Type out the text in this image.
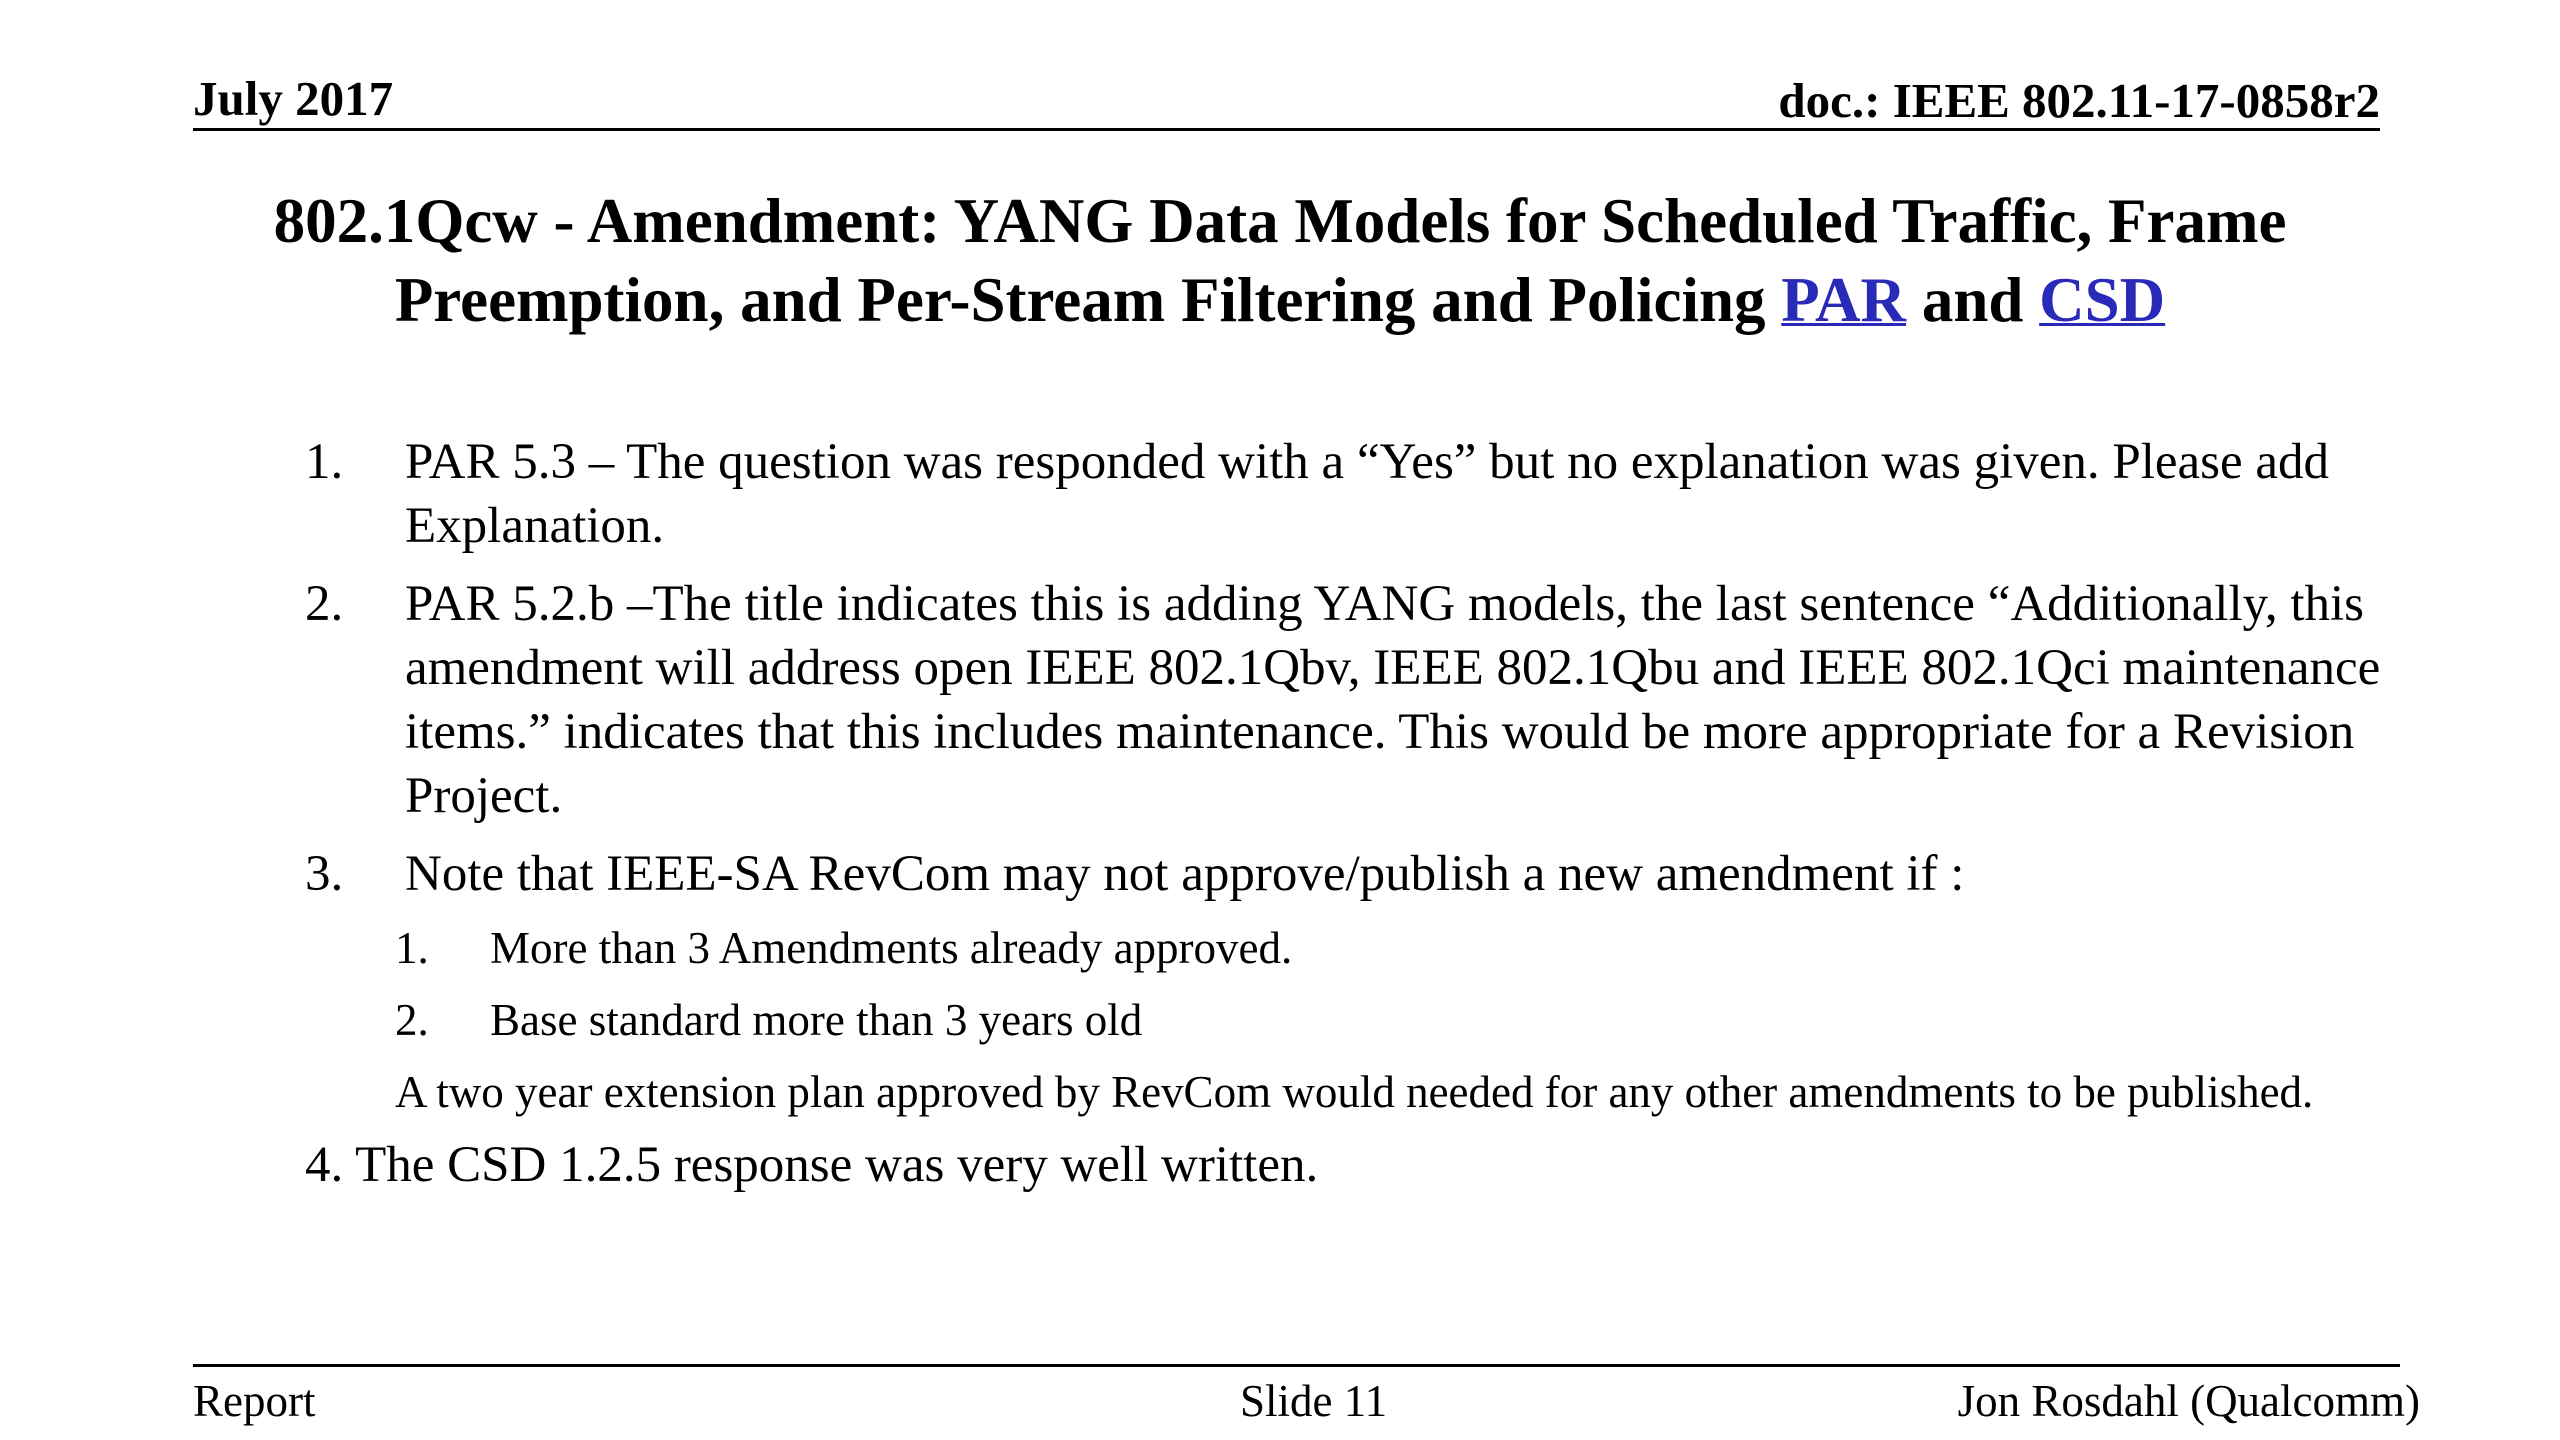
July 2017	doc.: IEEE 802.11-17-0858r2
802.1Qcw - Amendment: YANG Data Models for Scheduled Traffic, Frame Preemption, and Per-Stream Filtering and Policing PAR and CSD
1. PAR 5.3 – The question was responded with a “Yes” but no explanation was given. Please add Explanation.
2. PAR 5.2.b –The title indicates this is adding YANG models, the last sentence “Additionally, this amendment will address open IEEE 802.1Qbv, IEEE 802.1Qbu and IEEE 802.1Qci maintenance items.” indicates that this includes maintenance. This would be more appropriate for a Revision Project.
3. Note that IEEE-SA RevCom may not approve/publish a new amendment if :
1. More than 3 Amendments already approved.
2. Base standard more than 3 years old
A two year extension plan approved by RevCom would needed for any other amendments to be published.
4. The CSD 1.2.5 response was very well written.
Report	Slide 11	Jon Rosdahl (Qualcomm)
